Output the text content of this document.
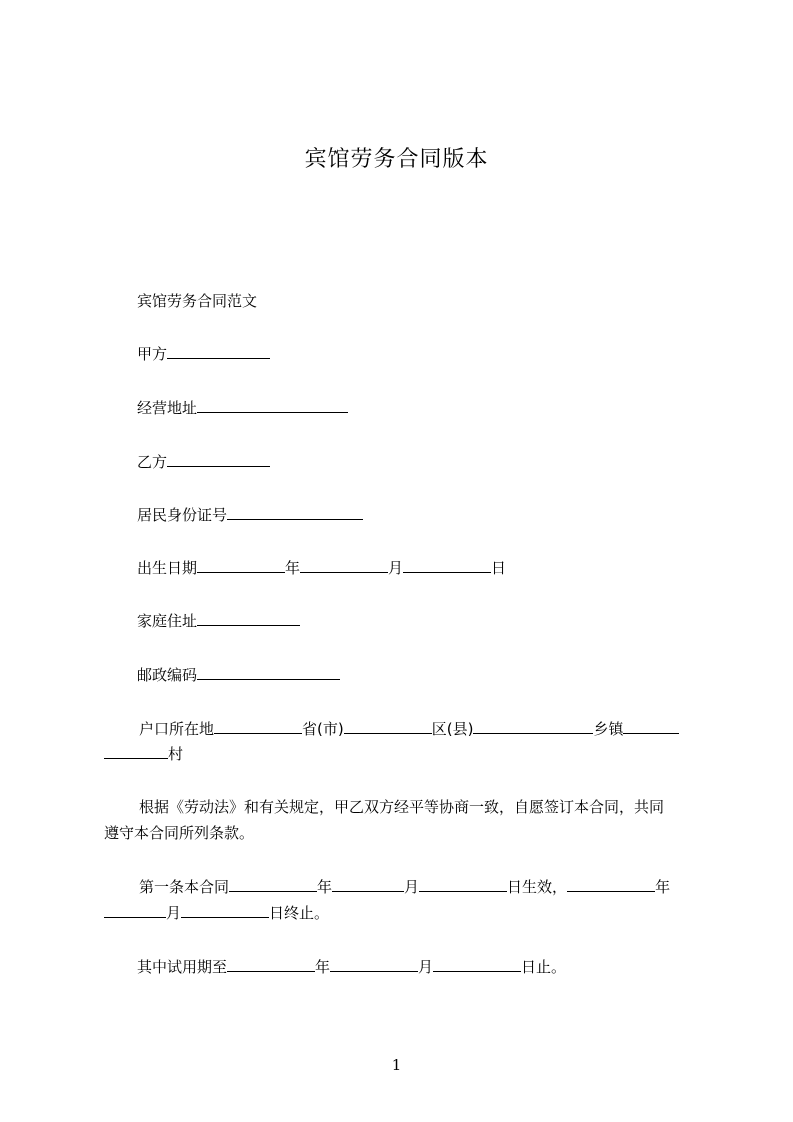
宾馆劳务合同版本
宾馆劳务合同范文
甲方
经营地址
乙方
居民身份证号
出生日期	年	月	日
家庭住址
邮政编码
户口所在地	省(市)	区(县)	乡镇
村
根据《劳动法》和有关规定，甲乙双方经平等协商一致，自愿签订本合同，共同
遵守本合同所列条款。
第一条本合同	年	月	日生效，	年
月	日终止。
其中试用期至	年	月	日止。
1
